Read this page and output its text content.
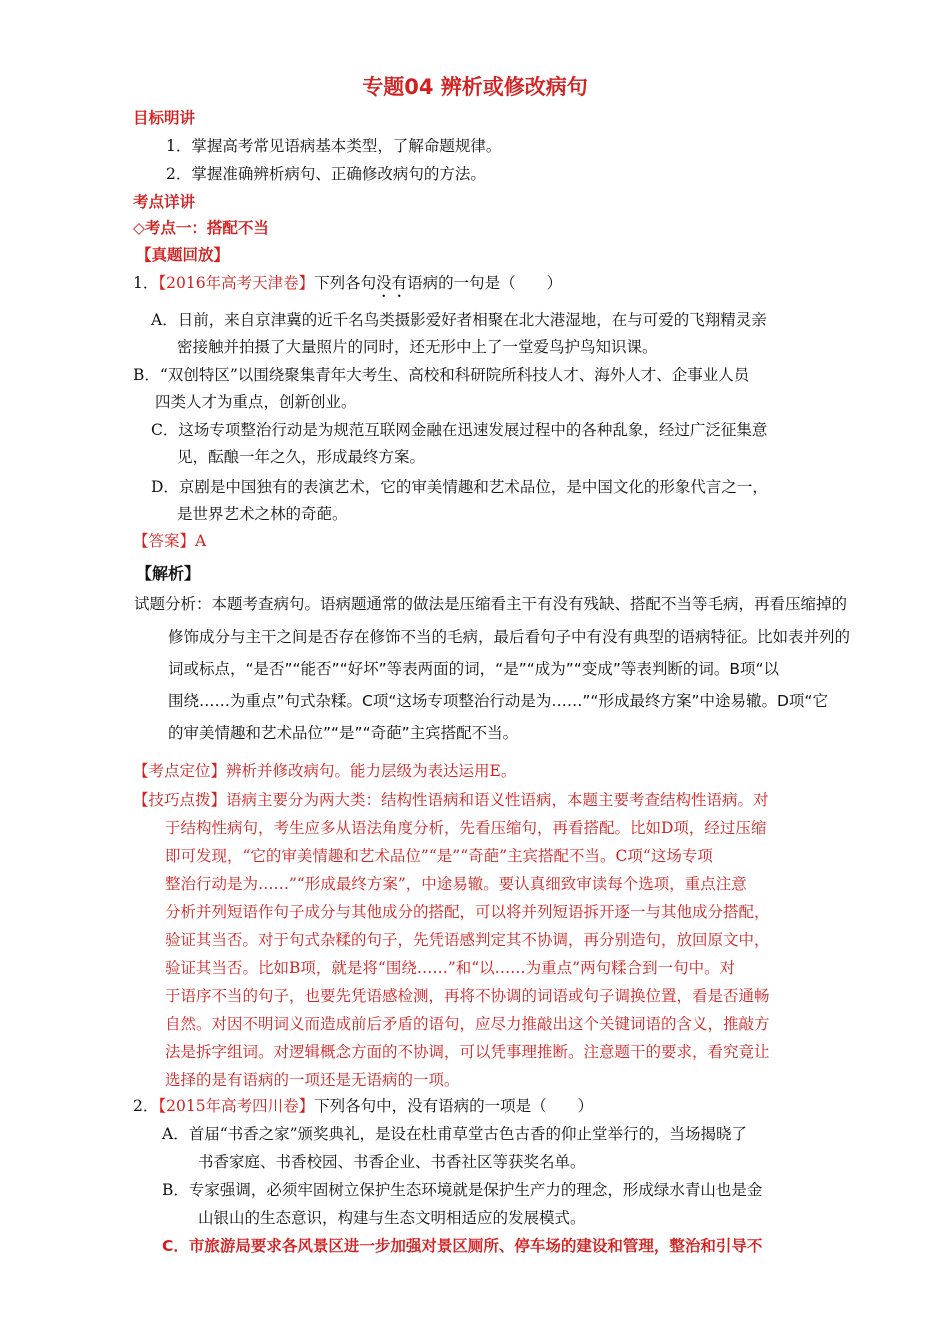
专题04 辨析或修改病句
目标明讲
1．掌握高考常见语病基本类型，了解命题规律。
2．掌握准确辨析病句、正确修改病句的方法。
考点详讲
◇考点一：搭配不当
【真题回放】
1．【2016年高考天津卷】下列各句没有语病的一句是（　　）
A．日前，来自京津冀的近千名鸟类摄影爱好者相聚在北大港湿地，在与可爱的飞翔精灵亲
密接触并拍摄了大量照片的同时，还无形中上了一堂爱鸟护鸟知识课。
B．“双创特区”以围绕聚集青年大考生、高校和科研院所科技人才、海外人才、企事业人员
四类人才为重点，创新创业。
C．这场专项整治行动是为规范互联网金融在迅速发展过程中的各种乱象，经过广泛征集意
见，酝酿一年之久，形成最终方案。
D．京剧是中国独有的表演艺术，它的审美情趣和艺术品位，是中国文化的形象代言之一，
是世界艺术之林的奇葩。
【答案】A
【解析】
试题分析：本题考查病句。语病题通常的做法是压缩看主干有没有残缺、搭配不当等毛病，再看压缩掉的
修饰成分与主干之间是否存在修饰不当的毛病，最后看句子中有没有典型的语病特征。比如表并列的
词或标点，“是否”“能否”“好坏”等表两面的词，“是”“成为”“变成”等表判断的词。B项“以
围绕……为重点”句式杂糅。C项“这场专项整治行动是为……”“形成最终方案”中途易辙。D项“它
的审美情趣和艺术品位”“是”“奇葩”主宾搭配不当。
【考点定位】辨析并修改病句。能力层级为表达运用E。
【技巧点拨】语病主要分为两大类：结构性语病和语义性语病，本题主要考查结构性语病。对
于结构性病句，考生应多从语法角度分析，先看压缩句，再看搭配。比如D项，经过压缩
即可发现，“它的审美情趣和艺术品位”“是”“奇葩”主宾搭配不当。C项“这场专项
整治行动是为……”“形成最终方案”，中途易辙。要认真细致审读每个选项，重点注意
分析并列短语作句子成分与其他成分的搭配，可以将并列短语拆开逐一与其他成分搭配，
验证其当否。对于句式杂糅的句子，先凭语感判定其不协调，再分别造句，放回原文中，
验证其当否。比如B项，就是将“围绕……”和“以……为重点”两句糅合到一句中。对
于语序不当的句子，也要先凭语感检测，再将不协调的词语或句子调换位置，看是否通畅
自然。对因不明词义而造成前后矛盾的语句，应尽力推敲出这个关键词语的含义，推敲方
法是拆字组词。对逻辑概念方面的不协调，可以凭事理推断。注意题干的要求，看究竟让
选择的是有语病的一项还是无语病的一项。
2．【2015年高考四川卷】下列各句中，没有语病的一项是（　　）
A．首届“书香之家”颁奖典礼，是设在杜甫草堂古色古香的仰止堂举行的，当场揭晓了
书香家庭、书香校园、书香企业、书香社区等获奖名单。
B．专家强调，必须牢固树立保护生态环境就是保护生产力的理念，形成绿水青山也是金
山银山的生态意识，构建与生态文明相适应的发展模式。
C．市旅游局要求各风景区进一步加强对景区厕所、停车场的建设和管理，整治和引导不
